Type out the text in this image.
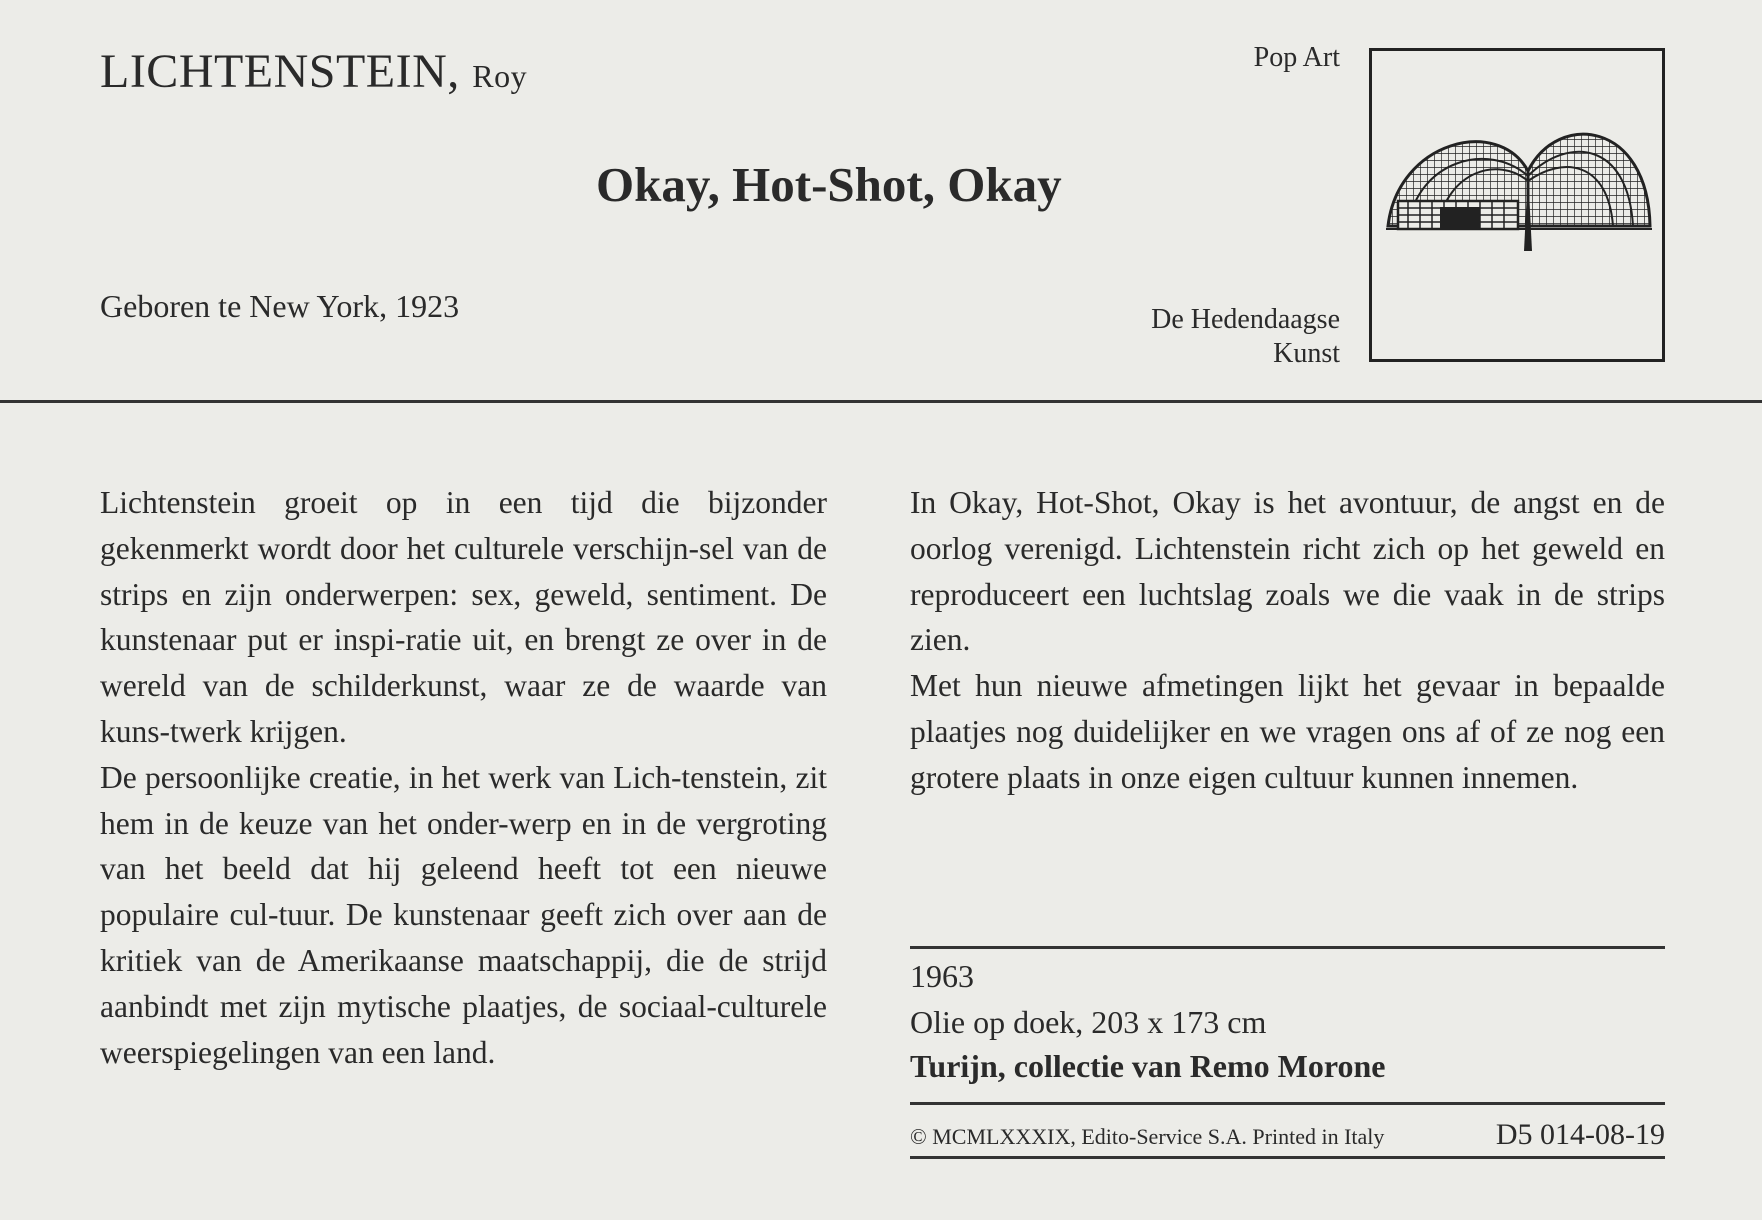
LICHTENSTEIN, Roy
Okay, Hot-Shot, Okay
Geboren te New York, 1923
Pop Art
De Hedendaagse
Kunst

Lichtenstein groeit op in een tijd die bijzonder gekenmerkt wordt door het culturele verschijn-sel van de strips en zijn onderwerpen: sex, geweld, sentiment. De kunstenaar put er inspi-ratie uit, en brengt ze over in de wereld van de schilderkunst, waar ze de waarde van kuns-twerk krijgen.

De persoonlijke creatie, in het werk van Lich-tenstein, zit hem in de keuze van het onder-werp en in de vergroting van het beeld dat hij geleend heeft tot een nieuwe populaire cul-tuur. De kunstenaar geeft zich over aan de kritiek van de Amerikaanse maatschappij, die de strijd aanbindt met zijn mytische plaatjes, de sociaal-culturele weerspiegelingen van een land.

In Okay, Hot-Shot, Okay is het avontuur, de angst en de oorlog verenigd. Lichtenstein richt zich op het geweld en reproduceert een luchtslag zoals we die vaak in de strips zien.

Met hun nieuwe afmetingen lijkt het gevaar in bepaalde plaatjes nog duidelijker en we vragen ons af of ze nog een grotere plaats in onze eigen cultuur kunnen innemen.

1963
Olie op doek, 203 x 173 cm
Turijn, collectie van Remo Morone
© MCMLXXXIX, Edito-Service S.A. Printed in Italy	D5 014-08-19
